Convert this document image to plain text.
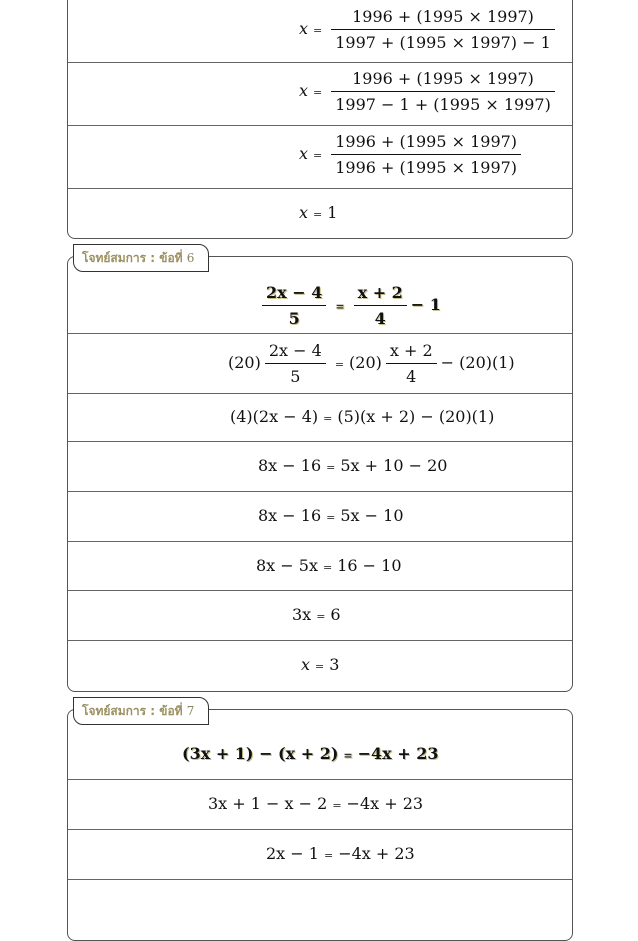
$x = \frac{1996 + (1995 \times 1997)}{1997 + (1995 \times 1997) - 1}$
$x = \frac{1996 + (1995 \times 1997)}{1997 - 1 + (1995 \times 1997)}$
$x = \frac{1996 + (1995 \times 1997)}{1996 + (1995 \times 1997)}$
x = 1
$\frac{2x - 4}{5} = \frac{x + 2}{4} - 1$
$(20) \frac{2x - 4}{5} = (20) \frac{x + 2}{4} - (20)(1)$
(4)(2x − 4) = (5)(x + 2) − (20)(1)
8x − 16 = 5x + 10 − 20
8x − 16 = 5x − 10
8x − 5x = 16 − 10
3x = 6
x = 3
โจทย์สมการ : ข้อที่ 6
(3x + 1) − (x + 2) = −4x + 23
3x + 1 − x − 2 = −4x + 23
2x − 1 = −4x + 23
โจทย์สมการ : ข้อที่ 7
